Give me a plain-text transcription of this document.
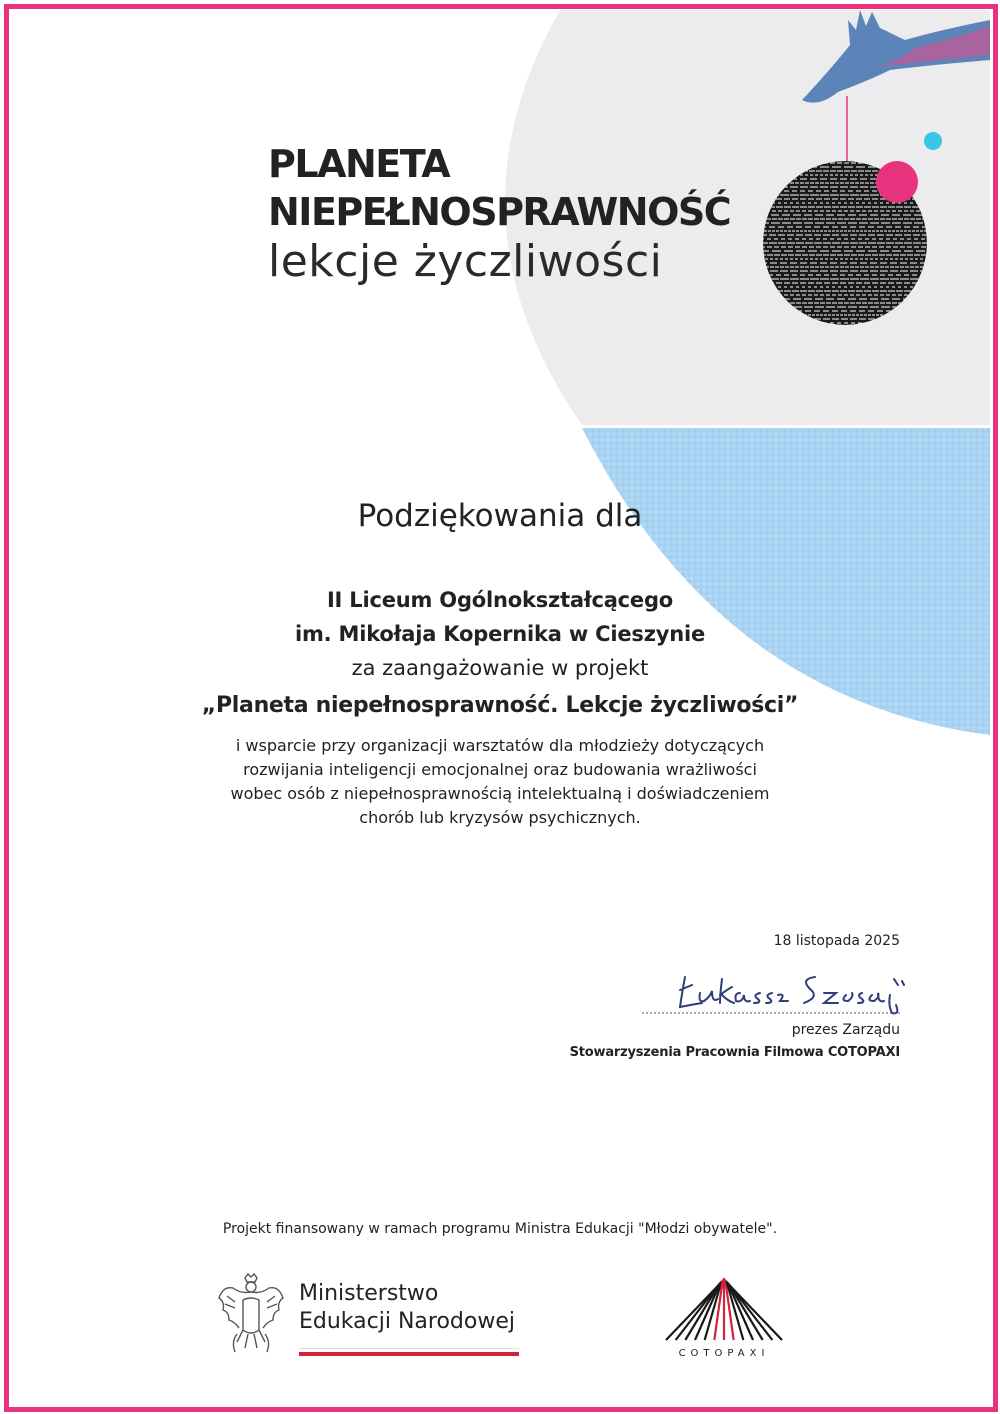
PLANETA
NIEPEŁNOSPRAWNOŚĆ
lekcje życzliwości
Podziękowania dla
II Liceum Ogólnokształcącego
im. Mikołaja Kopernika w Cieszynie
za zaangażowanie w projekt
„Planeta niepełnosprawność. Lekcje życzliwości”
i wsparcie przy organizacji warsztatów dla młodzieży dotyczących
rozwijania inteligencji emocjonalnej oraz budowania wrażliwości
wobec osób z niepełnosprawnością intelektualną i doświadczeniem
chorób lub kryzysów psychicznych.
18 listopada 2025
prezes Zarządu
Stowarzyszenia Pracownia Filmowa COTOPAXI
Projekt finansowany w ramach programu Ministra Edukacji "Młodzi obywatele".
Ministerstwo
Edukacji Narodowej
COTOPAXI
